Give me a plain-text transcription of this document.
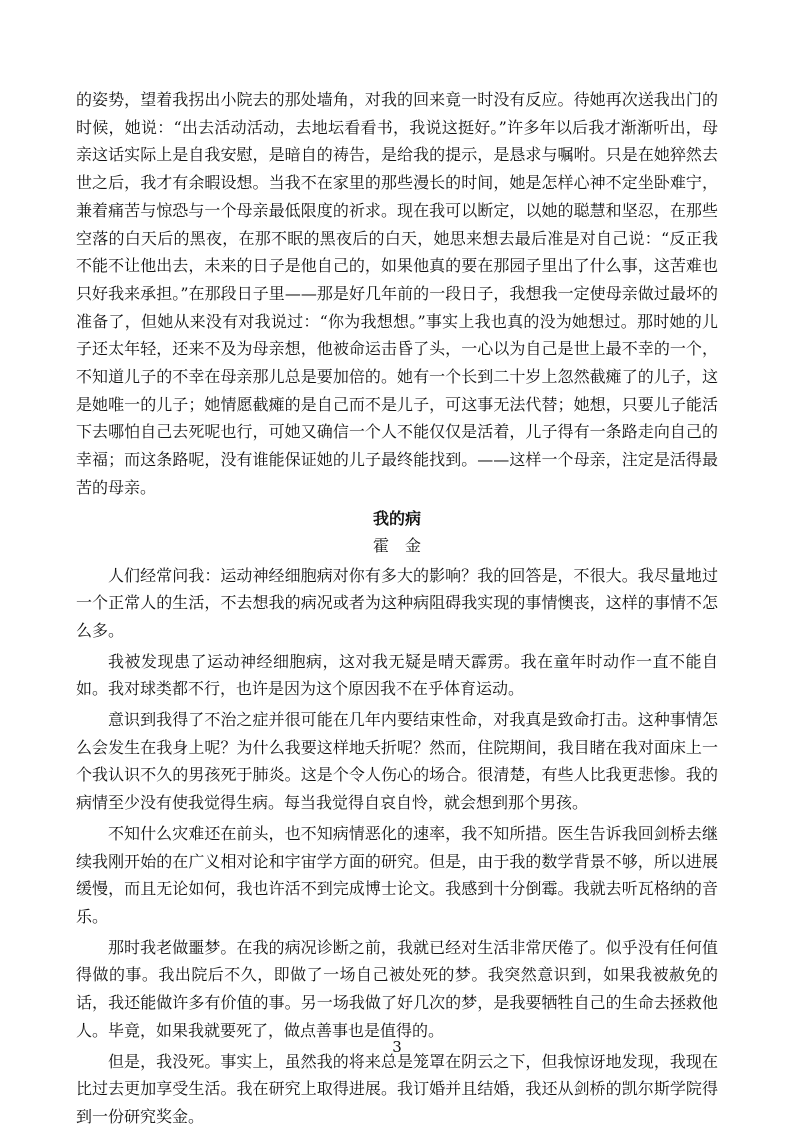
的姿势，望着我拐出小院去的那处墙角，对我的回来竟一时没有反应。待她再次送我出门的时候，她说：“出去活动活动，去地坛看看书，我说这挺好。”许多年以后我才渐渐听出，母亲这话实际上是自我安慰，是暗自的祷告，是给我的提示，是恳求与嘱咐。只是在她猝然去世之后，我才有余暇设想。当我不在家里的那些漫长的时间，她是怎样心神不定坐卧难宁，兼着痛苦与惊恐与一个母亲最低限度的祈求。现在我可以断定，以她的聪慧和坚忍，在那些空落的白天后的黑夜，在那不眠的黑夜后的白天，她思来想去最后准是对自己说：“反正我不能不让他出去，未来的日子是他自己的，如果他真的要在那园子里出了什么事，这苦难也只好我来承担。”在那段日子里——那是好几年前的一段日子，我想我一定使母亲做过最坏的准备了，但她从来没有对我说过：“你为我想想。”事实上我也真的没为她想过。那时她的儿子还太年轻，还来不及为母亲想，他被命运击昏了头，一心以为自己是世上最不幸的一个，不知道儿子的不幸在母亲那儿总是要加倍的。她有一个长到二十岁上忽然截瘫了的儿子，这是她唯一的儿子；她情愿截瘫的是自己而不是儿子，可这事无法代替；她想，只要儿子能活下去哪怕自己去死呢也行，可她又确信一个人不能仅仅是活着，儿子得有一条路走向自己的幸福；而这条路呢，没有谁能保证她的儿子最终能找到。——这样一个母亲，注定是活得最苦的母亲。

我的病
霍金

人们经常问我：运动神经细胞病对你有多大的影响？我的回答是，不很大。我尽量地过一个正常人的生活，不去想我的病况或者为这种病阻碍我实现的事情懊丧，这样的事情不怎么多。

我被发现患了运动神经细胞病，这对我无疑是晴天霹雳。我在童年时动作一直不能自如。我对球类都不行，也许是因为这个原因我不在乎体育运动。

意识到我得了不治之症并很可能在几年内要结束性命，对我真是致命打击。这种事情怎么会发生在我身上呢？为什么我要这样地夭折呢？然而，住院期间，我目睹在我对面床上一个我认识不久的男孩死于肺炎。这是个令人伤心的场合。很清楚，有些人比我更悲惨。我的病情至少没有使我觉得生病。每当我觉得自哀自怜，就会想到那个男孩。

不知什么灾难还在前头，也不知病情恶化的速率，我不知所措。医生告诉我回剑桥去继续我刚开始的在广义相对论和宇宙学方面的研究。但是，由于我的数学背景不够，所以进展缓慢，而且无论如何，我也许活不到完成博士论文。我感到十分倒霉。我就去听瓦格纳的音乐。

那时我老做噩梦。在我的病况诊断之前，我就已经对生活非常厌倦了。似乎没有任何值得做的事。我出院后不久，即做了一场自己被处死的梦。我突然意识到，如果我被赦免的话，我还能做许多有价值的事。另一场我做了好几次的梦，是我要牺牲自己的生命去拯救他人。毕竟，如果我就要死了，做点善事也是值得的。

但是，我没死。事实上，虽然我的将来总是笼罩在阴云之下，但我惊讶地发现，我现在比过去更加享受生活。我在研究上取得进展。我订婚并且结婚，我还从剑桥的凯尔斯学院得到一份研究奖金。

3
